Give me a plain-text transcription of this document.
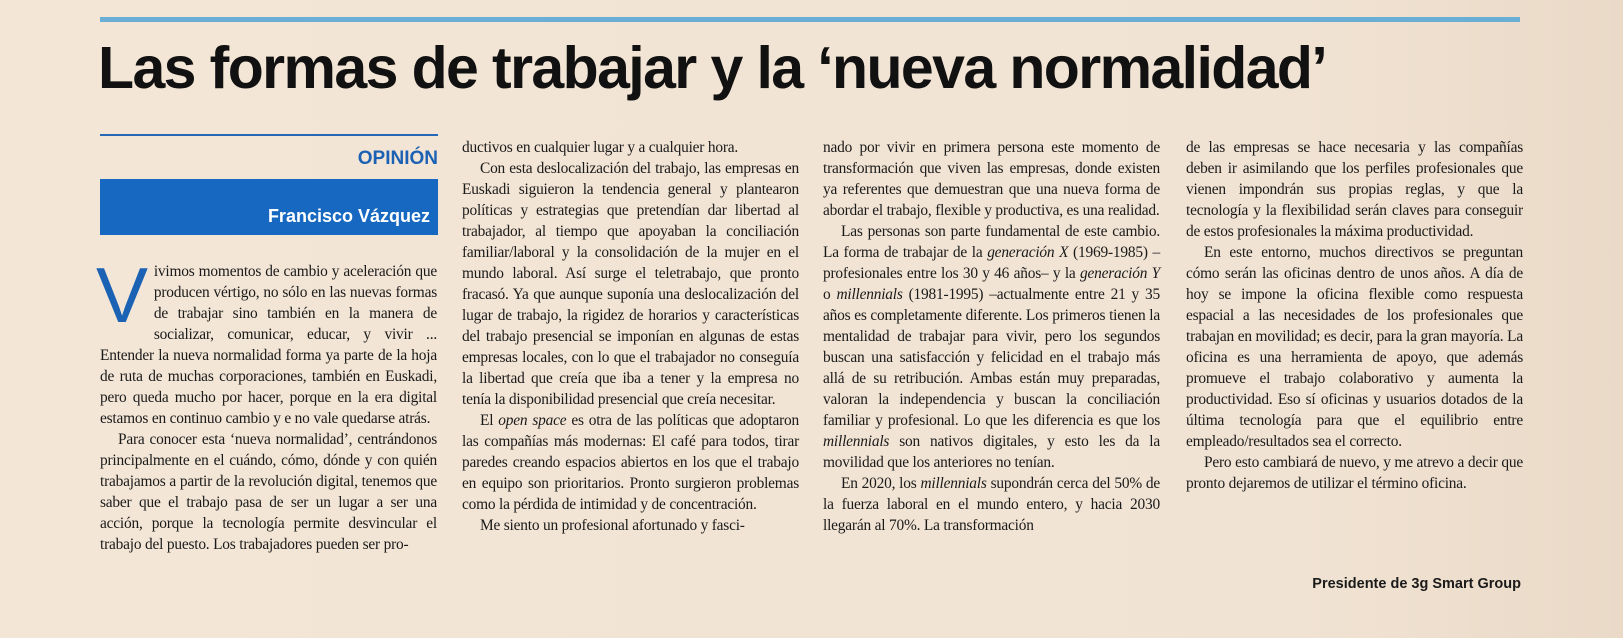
Las formas de trabajar y la ‘nueva normalidad’
OPINIÓN
Francisco Vázquez

Vivimos momentos de cambio y aceleración que producen vértigo, no sólo en las nuevas formas de trabajar sino también en la manera de socializar, comunicar, educar, y vivir ... Entender la nueva normalidad forma ya parte de la hoja de ruta de muchas corporaciones, también en Euskadi, pero queda mucho por hacer, porque en la era digital estamos en continuo cambio y e no vale quedarse atrás.

Para conocer esta ‘nueva normalidad’, centrándonos principalmente en el cuándo, cómo, dónde y con quién trabajamos a partir de la revolución digital, tenemos que saber que el trabajo pasa de ser un lugar a ser una acción, porque la tecnología permite desvincular el trabajo del puesto. Los trabajadores pueden ser pro-

ductivos en cualquier lugar y a cualquier hora.

Con esta deslocalización del trabajo, las empresas en Euskadi siguieron la tendencia general y plantearon políticas y estrategias que pretendían dar libertad al trabajador, al tiempo que apoyaban la conciliación familiar/laboral y la consolidación de la mujer en el mundo laboral. Así surge el teletrabajo, que pronto fracasó. Ya que aunque suponía una deslocalización del lugar de trabajo, la rigidez de horarios y características del trabajo presencial se imponían en algunas de estas empresas locales, con lo que el trabajador no conseguía la libertad que creía que iba a tener y la empresa no tenía la disponibilidad presencial que creía necesitar.

El open space es otra de las políticas que adoptaron las compañías más modernas: El café para todos, tirar paredes creando espacios abiertos en los que el trabajo en equipo son prioritarios. Pronto surgieron problemas como la pérdida de intimidad y de concentración.

Me siento un profesional afortunado y fasci-

nado por vivir en primera persona este momento de transformación que viven las empresas, donde existen ya referentes que demuestran que una nueva forma de abordar el trabajo, flexible y productiva, es una realidad.

Las personas son parte fundamental de este cambio. La forma de trabajar de la generación X (1969-1985) – profesionales entre los 30 y 46 años– y la generación Y o millennials (1981-1995) –actualmente entre 21 y 35 años es completamente diferente. Los primeros tienen la mentalidad de trabajar para vivir, pero los segundos buscan una satisfacción y felicidad en el trabajo más allá de su retribución. Ambas están muy preparadas, valoran la independencia y buscan la conciliación familiar y profesional. Lo que les diferencia es que los millennials son nativos digitales, y esto les da la movilidad que los anteriores no tenían.

En 2020, los millennials supondrán cerca del 50% de la fuerza laboral en el mundo entero, y hacia 2030 llegarán al 70%. La transformación

de las empresas se hace necesaria y las compañías deben ir asimilando que los perfiles profesionales que vienen impondrán sus propias reglas, y que la tecnología y la flexibilidad serán claves para conseguir de estos profesionales la máxima productividad.

En este entorno, muchos directivos se preguntan cómo serán las oficinas dentro de unos años. A día de hoy se impone la oficina flexible como respuesta espacial a las necesidades de los profesionales que trabajan en movilidad; es decir, para la gran mayoría. La oficina es una herramienta de apoyo, que además promueve el trabajo colaborativo y aumenta la productividad. Eso sí oficinas y usuarios dotados de la última tecnología para que el equilibrio entre empleado/resultados sea el correcto.

Pero esto cambiará de nuevo, y me atrevo a decir que pronto dejaremos de utilizar el término oficina.

Presidente de 3g Smart Group
